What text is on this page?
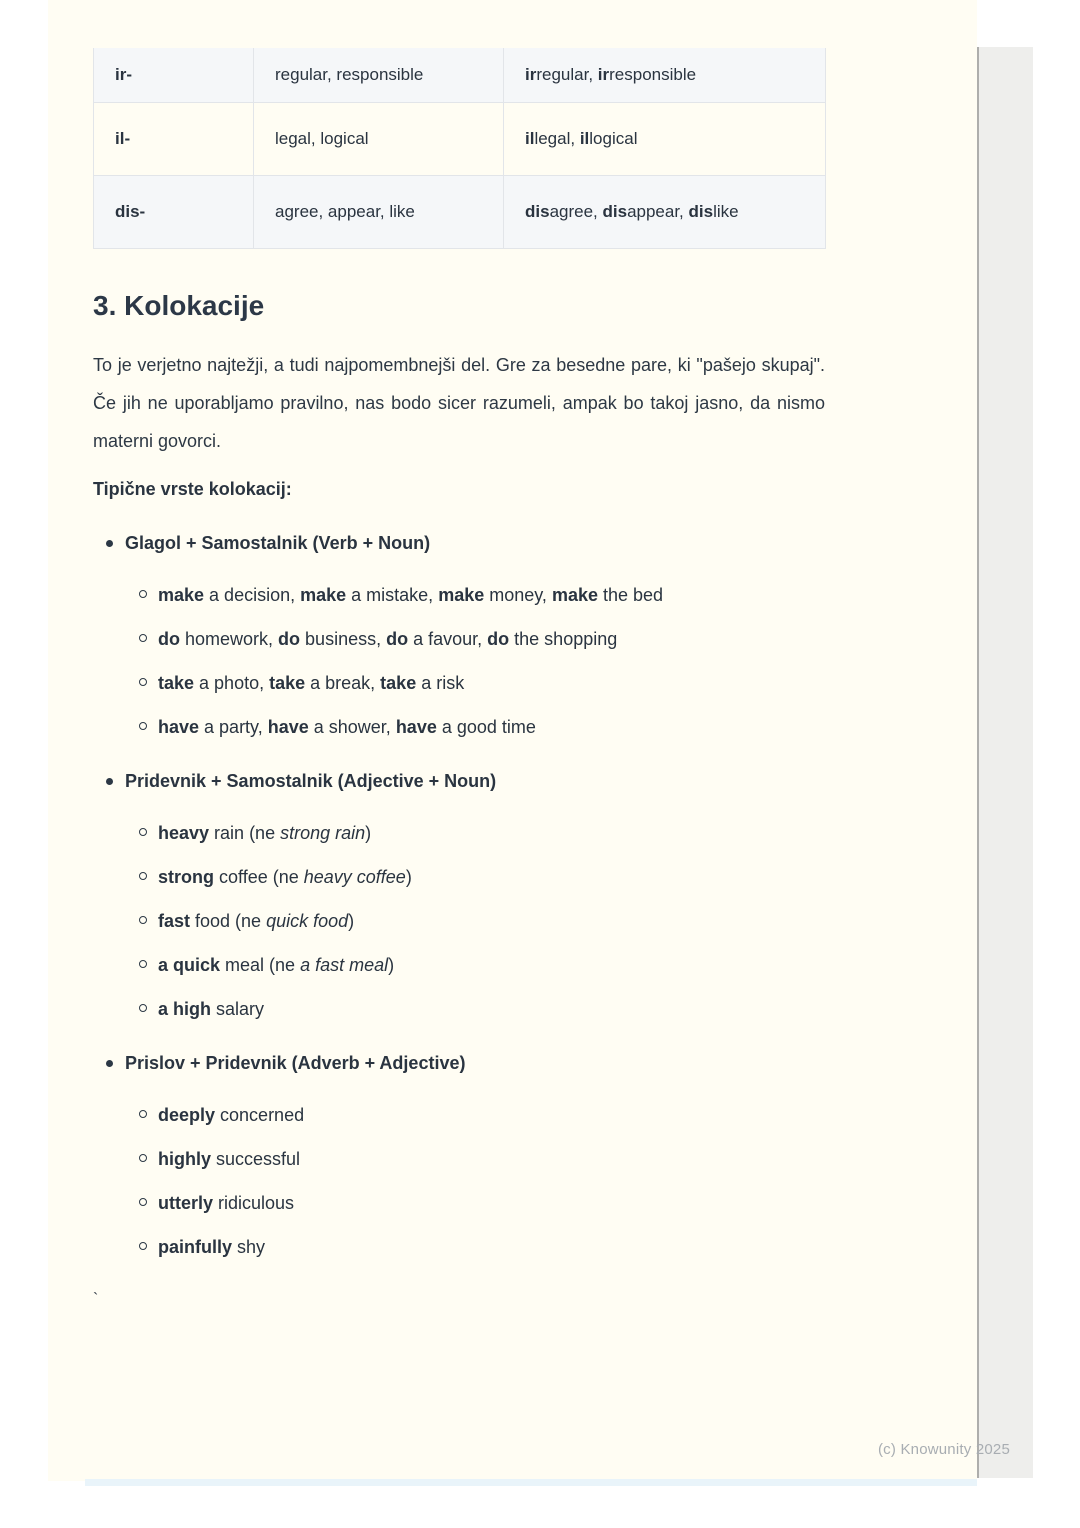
ir-	regular, responsible	irregular, irresponsible
il-	legal, logical	illegal, illogical
dis-	agree, appear, like	disagree, disappear, dislike
3. Kolokacije

To je verjetno najtežji, a tudi najpomembnejši del. Gre za besedne pare, ki "pašejo skupaj". Če jih ne uporabljamo pravilno, nas bodo sicer razumeli, ampak bo takoj jasno, da nismo materni govorci.

Tipične vrste kolokacij:

Glagol + Samostalnik (Verb + Noun)
make a decision, make a mistake, make money, make the bed
do homework, do business, do a favour, do the shopping
take a photo, take a break, take a risk
have a party, have a shower, have a good time
Pridevnik + Samostalnik (Adjective + Noun)
heavy rain (ne strong rain)
strong coffee (ne heavy coffee)
fast food (ne quick food)
a quick meal (ne a fast meal)
a high salary
Prislov + Pridevnik (Adverb + Adjective)
deeply concerned
highly successful
utterly ridiculous
painfully shy
`
(c) Knowunity 2025
